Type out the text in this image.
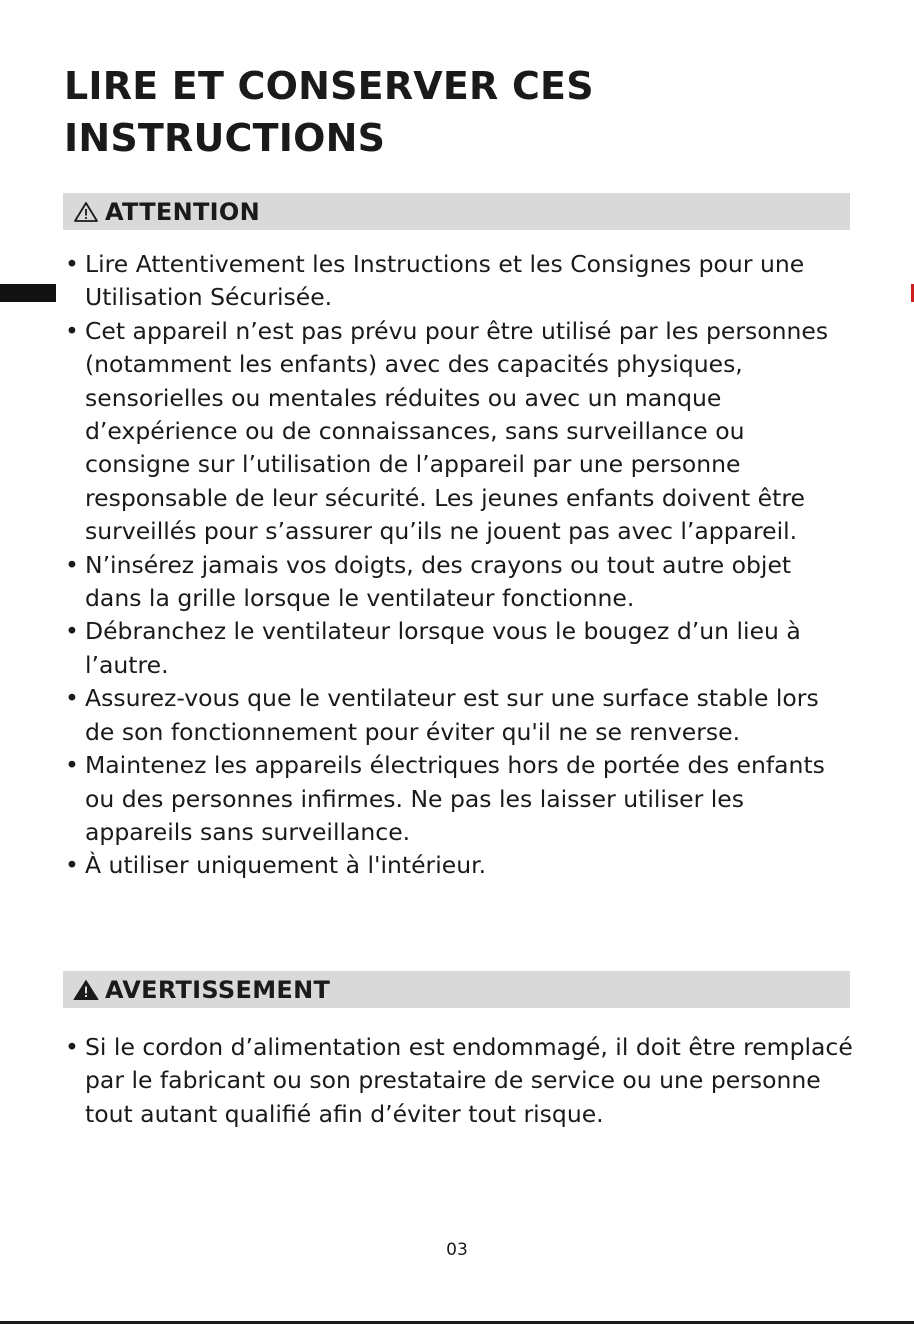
LIRE ET CONSERVER CES
INSTRUCTIONS
ATTENTION
• Lire Attentivement les Instructions et les Consignes pour une Utilisation Sécurisée.
• Cet appareil n’est pas prévu pour être utilisé par les personnes (notamment les enfants) avec des capacités physiques, sensorielles ou mentales réduites ou avec un manque d’expérience ou de connaissances, sans surveillance ou consigne sur l’utilisation de l’appareil par une personne responsable de leur sécurité. Les jeunes enfants doivent être surveillés pour s’assurer qu’ils ne jouent pas avec l’appareil.
• N’insérez jamais vos doigts, des crayons ou tout autre objet dans la grille lorsque le ventilateur fonctionne.
• Débranchez le ventilateur lorsque vous le bougez d’un lieu à l’autre.
• Assurez-vous que le ventilateur est sur une surface stable lors de son fonctionnement pour éviter qu'il ne se renverse.
• Maintenez les appareils électriques hors de portée des enfants ou des personnes infirmes. Ne pas les laisser utiliser les appareils sans surveillance.
• À utiliser uniquement à l'intérieur.
AVERTISSEMENT
• Si le cordon d’alimentation est endommagé, il doit être remplacé par le fabricant ou son prestataire de service ou une personne tout autant qualifié afin d’éviter tout risque.
03
